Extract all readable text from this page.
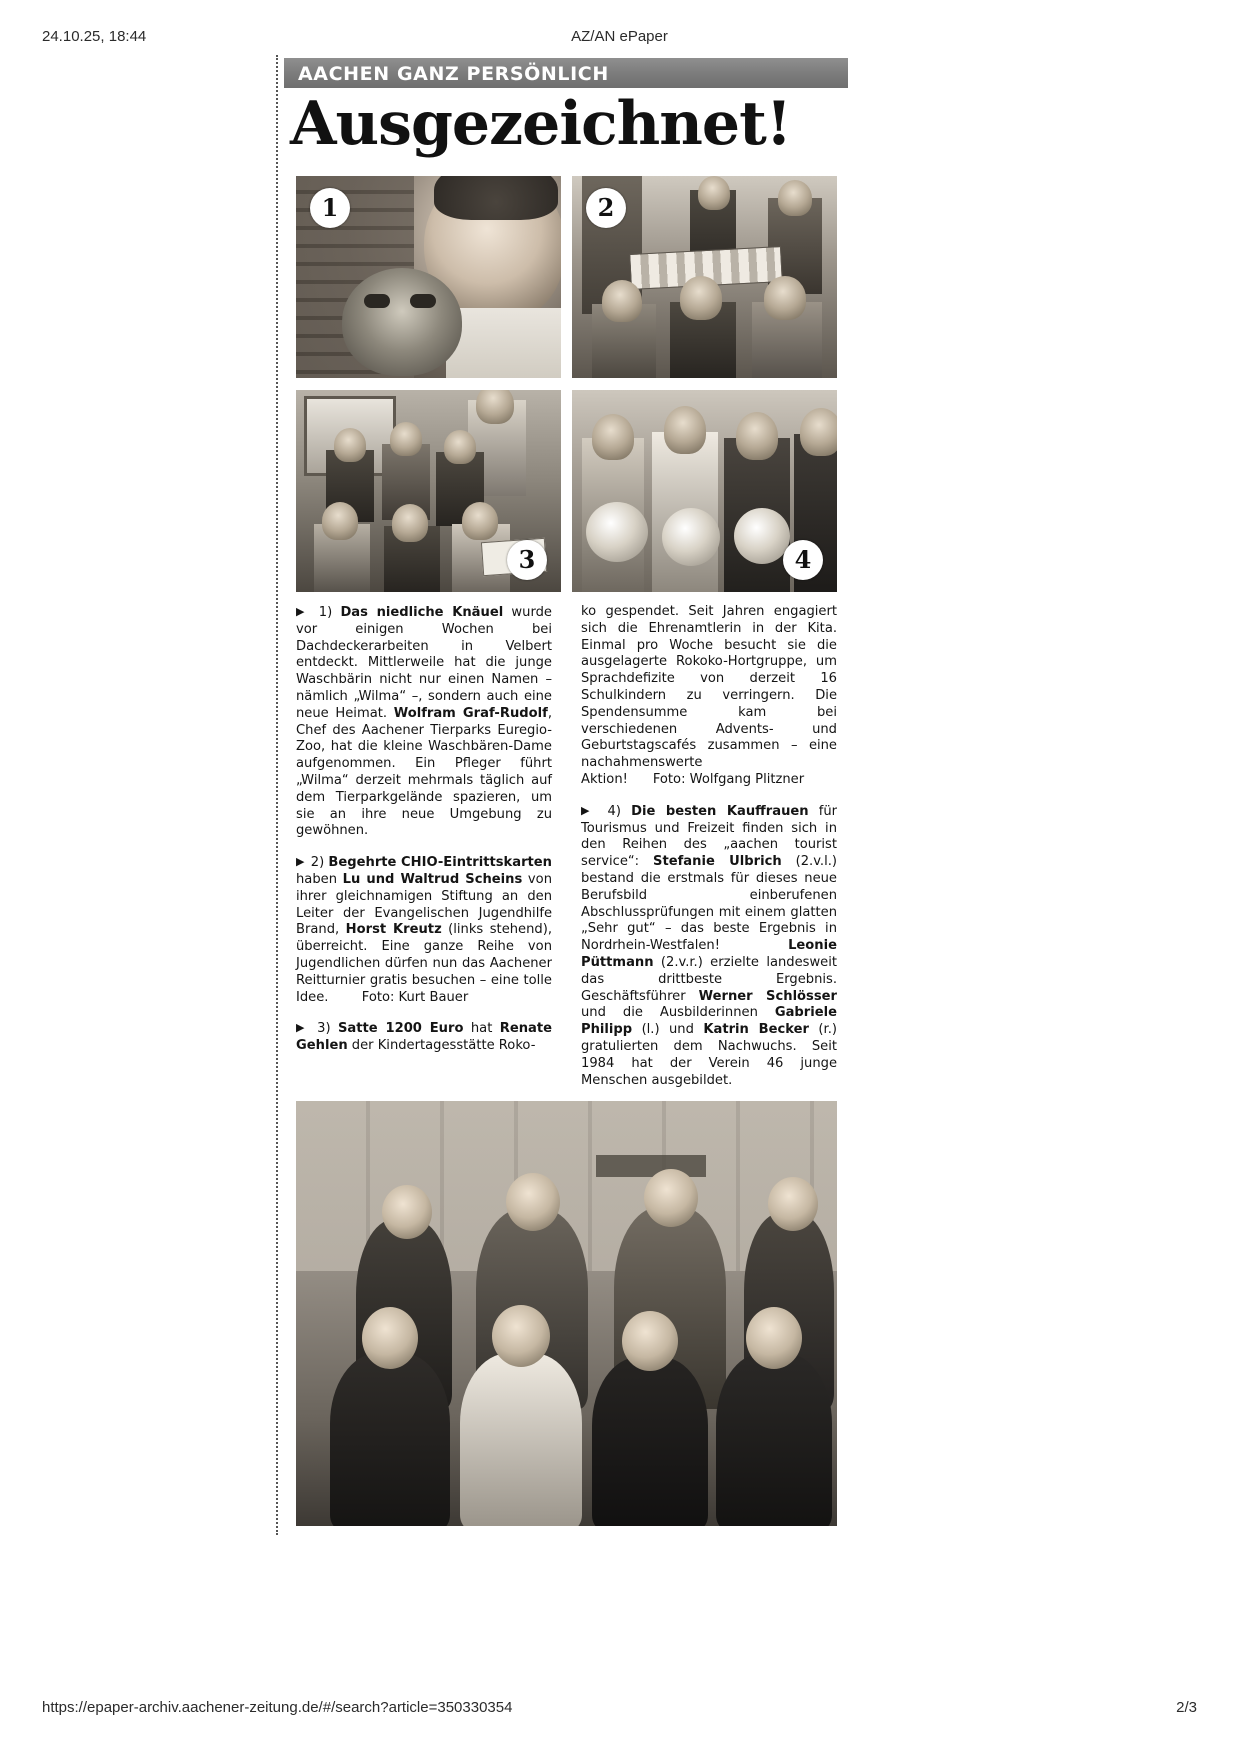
24.10.25, 18:44	AZ/AN ePaper
AACHEN GANZ PERSÖNLICH
Ausgezeichnet!
1	2
3	4

▶ 1) Das niedliche Knäuel wurde vor einigen Wochen bei Dachdeckerarbeiten in Velbert entdeckt. Mittlerweile hat die junge Waschbärin nicht nur einen Namen – nämlich „Wilma“ –, sondern auch eine neue Heimat. Wolfram Graf-Rudolf, Chef des Aachener Tierparks Euregio-Zoo, hat die kleine Waschbären-Dame aufgenommen. Ein Pfleger führt „Wilma“ derzeit mehrmals täglich auf dem Tierparkgelände spazieren, um sie an ihre neue Umgebung zu gewöhnen.

▶ 2) Begehrte CHIO-Eintrittskarten haben Lu und Waltrud Scheins von ihrer gleichnamigen Stiftung an den Leiter der Evangelischen Jugendhilfe Brand, Horst Kreutz (links stehend), überreicht. Eine ganze Reihe von Jugendlichen dürfen nun das Aachener Reitturnier gratis besuchen – eine tolle Idee.        Foto: Kurt Bauer

▶ 3) Satte 1200 Euro hat Renate Gehlen der Kindertagesstätte Roko-

ko gespendet. Seit Jahren engagiert sich die Ehrenamtlerin in der Kita. Einmal pro Woche besucht sie die ausgelagerte Rokoko-Hortgruppe, um Sprachdefizite von derzeit 16 Schulkindern zu verringern. Die Spendensumme kam bei verschiedenen Advents- und Geburtstagscafés zusammen – eine nachahmenswerte Aktion!      Foto: Wolfgang Plitzner

▶ 4) Die besten Kauffrauen für Tourismus und Freizeit finden sich in den Reihen des „aachen tourist service“: Stefanie Ulbrich (2.v.l.) bestand die erstmals für dieses neue Berufsbild einberufenen Abschlussprüfungen mit einem glatten „Sehr gut“ – das beste Ergebnis in Nordrhein-Westfalen! Leonie Püttmann (2.v.r.) erzielte landesweit das drittbeste Ergebnis. Geschäftsführer Werner Schlösser und die Ausbilderinnen Gabriele Philipp (l.) und Katrin Becker (r.) gratulierten dem Nachwuchs. Seit 1984 hat der Verein 46 junge Menschen ausgebildet.

https://epaper-archiv.aachener-zeitung.de/#/search?article=350330354	2/3
